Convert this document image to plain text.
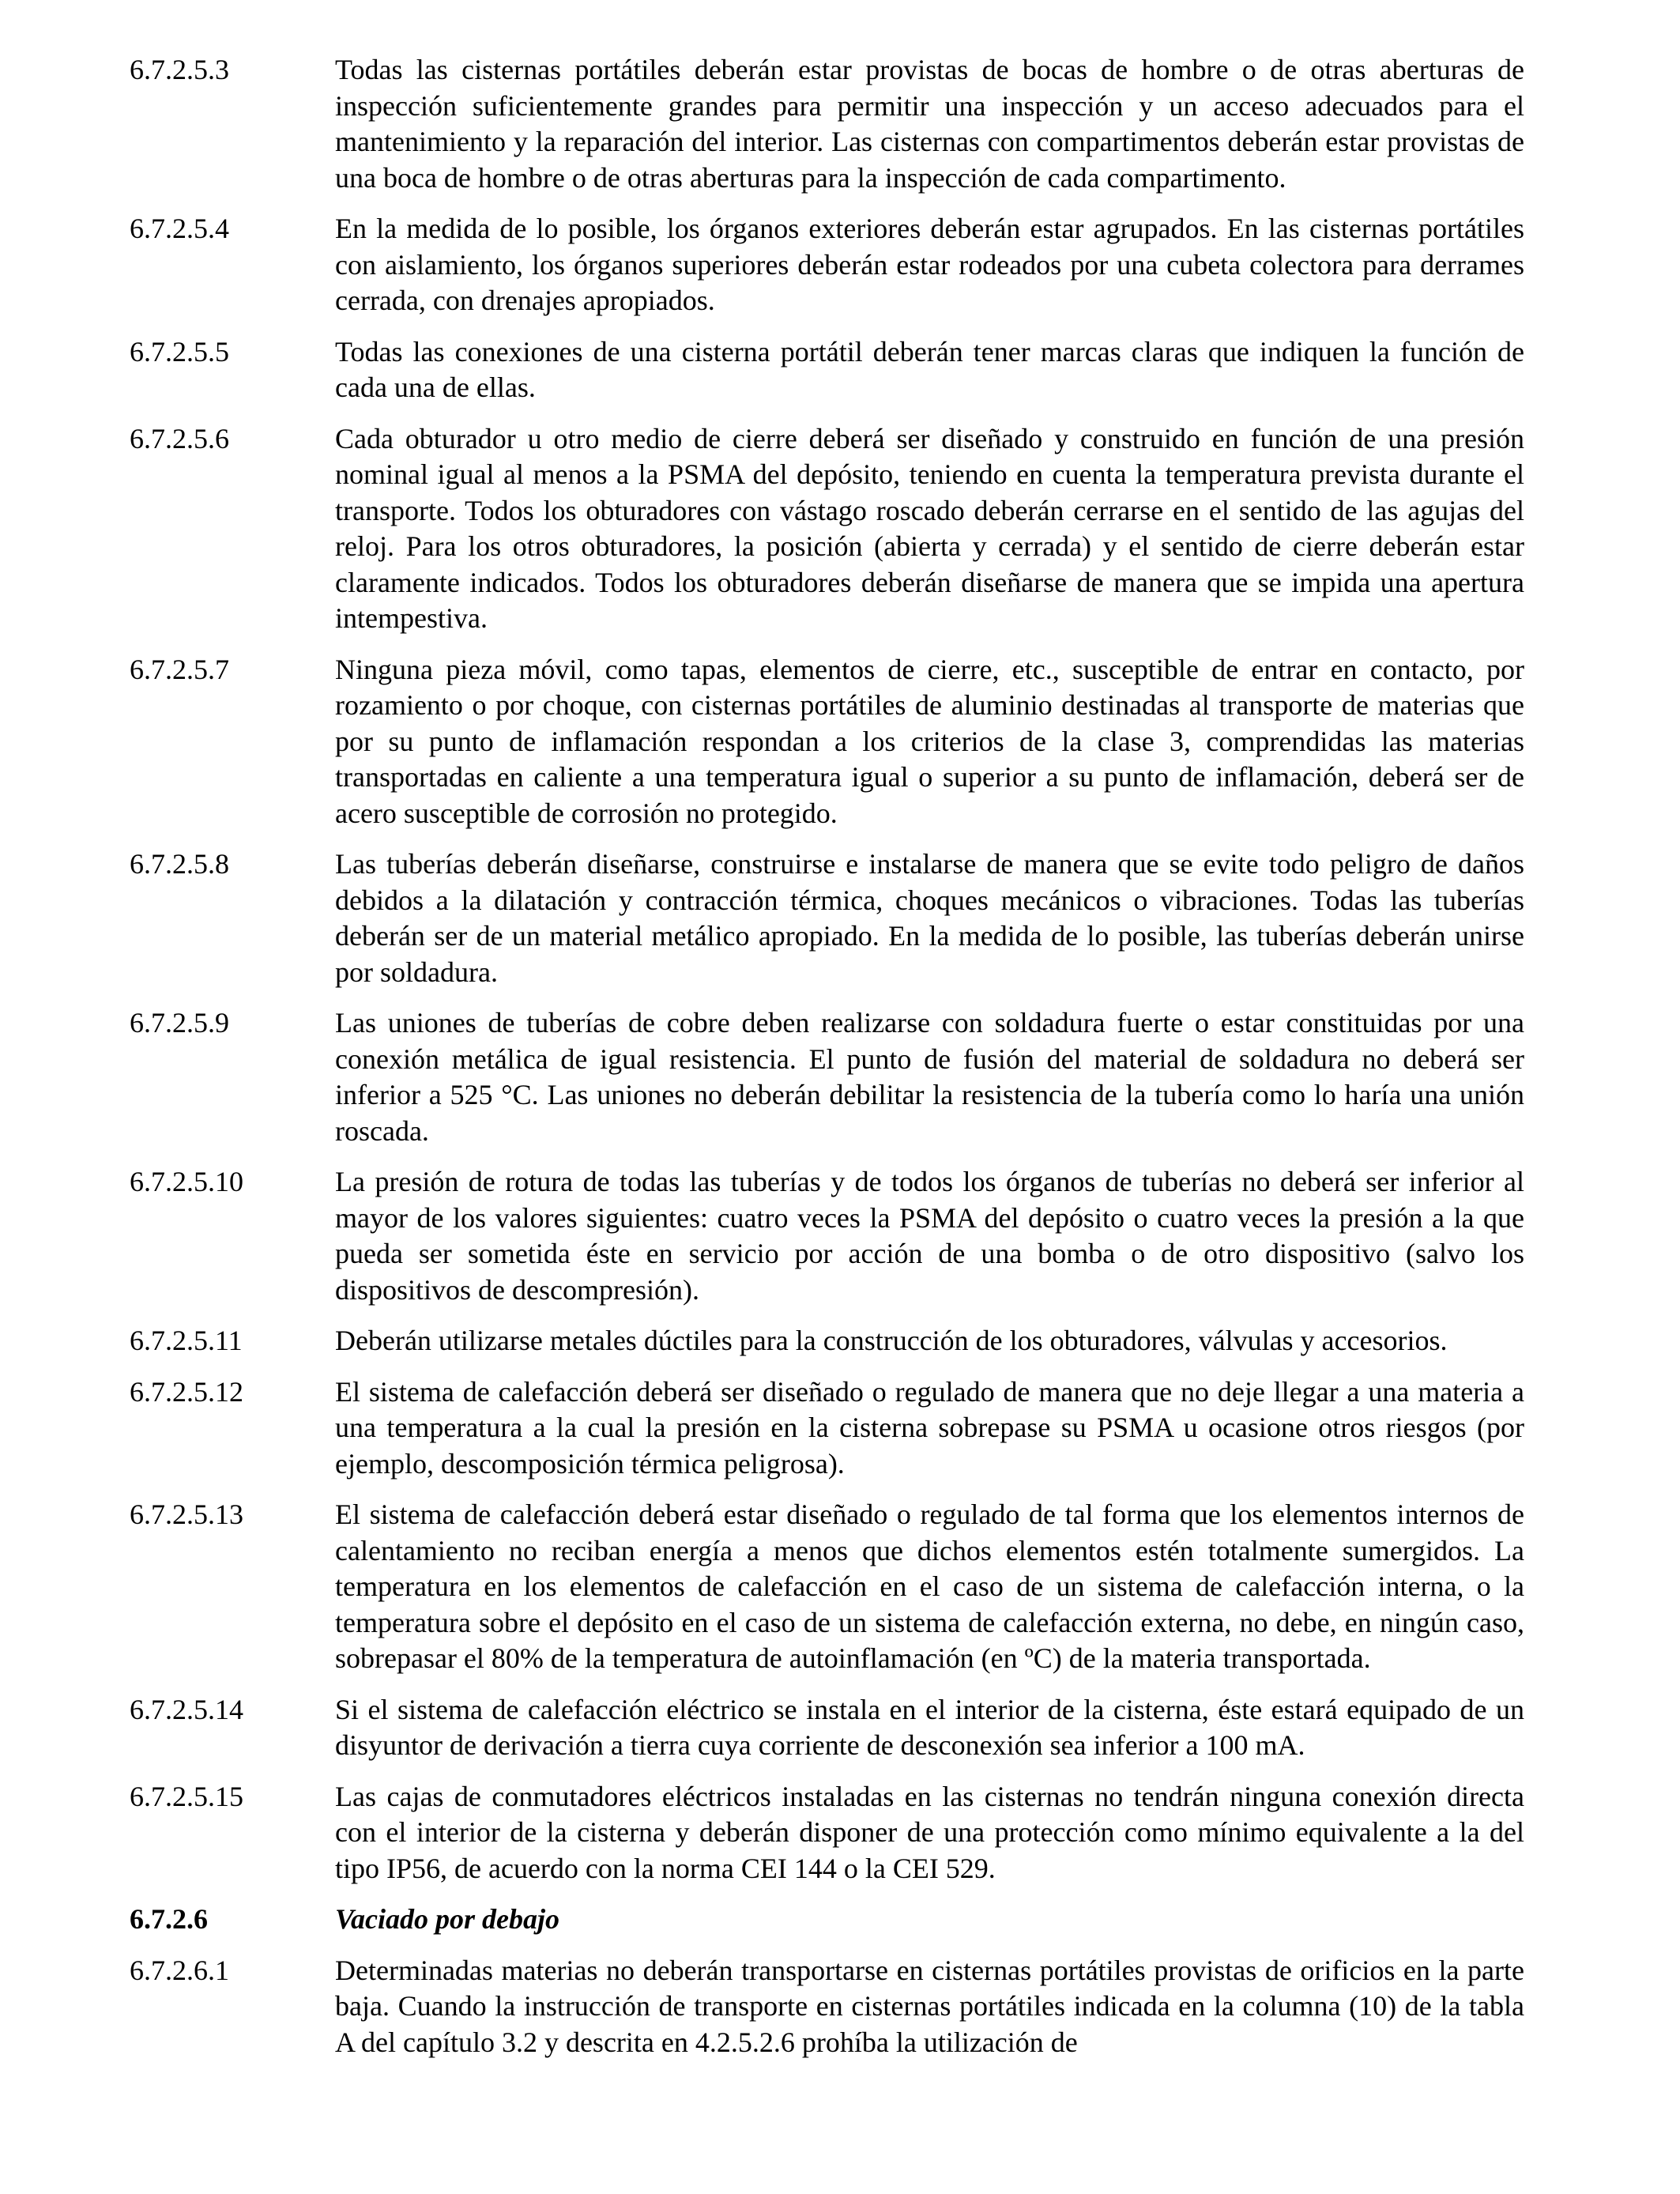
6.7.2.5.3	Todas las cisternas portátiles deberán estar provistas de bocas de hombre o de otras aberturas de inspección suficientemente grandes para permitir una inspección y un acceso adecuados para el mantenimiento y la reparación del interior. Las cisternas con compartimentos deberán estar provistas de una boca de hombre o de otras aberturas para la inspección de cada compartimento.
6.7.2.5.4	En la medida de lo posible, los órganos exteriores deberán estar agrupados. En las cisternas portátiles con aislamiento, los órganos superiores deberán estar rodeados por una cubeta colectora para derrames cerrada, con drenajes apropiados.
6.7.2.5.5	Todas las conexiones de una cisterna portátil deberán tener marcas claras que indiquen la función de cada una de ellas.
6.7.2.5.6	Cada obturador u otro medio de cierre deberá ser diseñado y construido en función de una presión nominal igual al menos a la PSMA del depósito, teniendo en cuenta la temperatura prevista durante el transporte. Todos los obturadores con vástago roscado deberán cerrarse en el sentido de las agujas del reloj. Para los otros obturadores, la posición (abierta y cerrada) y el sentido de cierre deberán estar claramente indicados. Todos los obturadores deberán diseñarse de manera que se impida una apertura intempestiva.
6.7.2.5.7	Ninguna pieza móvil, como tapas, elementos de cierre, etc., susceptible de entrar en contacto, por rozamiento o por choque, con cisternas portátiles de aluminio destinadas al transporte de materias que por su punto de inflamación respondan a los criterios de la clase 3, comprendidas las materias transportadas en caliente a una temperatura igual o superior a su punto de inflamación, deberá ser de acero susceptible de corrosión no protegido.
6.7.2.5.8	Las tuberías deberán diseñarse, construirse e instalarse de manera que se evite todo peligro de daños debidos a la dilatación y contracción térmica, choques mecánicos o vibraciones. Todas las tuberías deberán ser de un material metálico apropiado. En la medida de lo posible, las tuberías deberán unirse por soldadura.
6.7.2.5.9	Las uniones de tuberías de cobre deben realizarse con soldadura fuerte o estar constituidas por una conexión metálica de igual resistencia. El punto de fusión del material de soldadura no deberá ser inferior a 525 °C. Las uniones no deberán debilitar la resistencia de la tubería como lo haría una unión roscada.
6.7.2.5.10	La presión de rotura de todas las tuberías y de todos los órganos de tuberías no deberá ser inferior al mayor de los valores siguientes: cuatro veces la PSMA del depósito o cuatro veces la presión a la que pueda ser sometida éste en servicio por acción de una bomba o de otro dispositivo (salvo los dispositivos de descompresión).
6.7.2.5.11	Deberán utilizarse metales dúctiles para la construcción de los obturadores, válvulas y accesorios.
6.7.2.5.12	El sistema de calefacción deberá ser diseñado o regulado de manera que no deje llegar a una materia a una temperatura a la cual la presión en la cisterna sobrepase su PSMA u ocasione otros riesgos (por ejemplo, descomposición térmica peligrosa).
6.7.2.5.13	El sistema de calefacción deberá estar diseñado o regulado de tal forma que los elementos internos de calentamiento no reciban energía a menos que dichos elementos estén totalmente sumergidos. La temperatura en los elementos de calefacción en el caso de un sistema de calefacción interna, o la temperatura sobre el depósito en el caso de un sistema de calefacción externa, no debe, en ningún caso, sobrepasar el 80% de la temperatura de autoinflamación (en ºC) de la materia transportada.
6.7.2.5.14	Si el sistema de calefacción eléctrico se instala en el interior de la cisterna, éste estará equipado de un disyuntor de derivación a tierra cuya corriente de desconexión sea inferior a 100 mA.
6.7.2.5.15	Las cajas de conmutadores eléctricos instaladas en las cisternas no tendrán ninguna conexión directa con el interior de la cisterna y deberán disponer de una protección como mínimo equivalente a la del tipo IP56, de acuerdo con la norma CEI 144 o la CEI 529.
6.7.2.6	Vaciado por debajo
6.7.2.6.1	Determinadas materias no deberán transportarse en cisternas portátiles provistas de orificios en la parte baja. Cuando la instrucción de transporte en cisternas portátiles indicada en la columna (10) de la tabla A del capítulo 3.2 y descrita en 4.2.5.2.6 prohíba la utilización de
